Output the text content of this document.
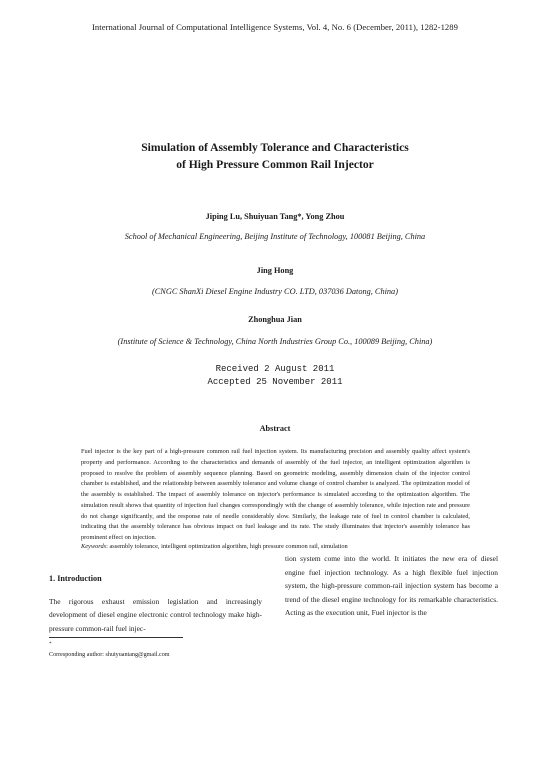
International Journal of Computational Intelligence Systems, Vol. 4, No. 6 (December, 2011), 1282-1289
Simulation of Assembly Tolerance and Characteristics
of High Pressure Common Rail Injector
Jiping Lu, Shuiyuan Tang*, Yong Zhou
School of Mechanical Engineering, Beijing Institute of Technology, 100081 Beijing, China
Jing Hong
(CNGC ShanXi Diesel Engine Industry CO. LTD, 037036 Datong, China)
Zhonghua Jian
(Institute of Science & Technology, China North Industries Group Co., 100089 Beijing, China)
Received 2 August 2011
Accepted 25 November 2011
Abstract
Fuel injector is the key part of a high-pressure common rail fuel injection system. Its manufacturing precision and assembly quality affect system's property and performance. According to the characteristics and demands of assembly of the fuel injector, an intelligent optimization algorithm is proposed to resolve the problem of assembly sequence planning. Based on geometric modeling, assembly dimension chain of the injector control chamber is established, and the relationship between assembly tolerance and volume change of control chamber is analyzed. The optimization model of the assembly is established. The impact of assembly tolerance on injector's performance is simulated according to the optimization algorithm. The simulation result shows that quantity of injection fuel changes correspondingly with the change of assembly tolerance, while injection rate and pressure do not change significantly, and the response rate of needle considerably slow. Similarly, the leakage rate of fuel in control chamber is calculated, indicating that the assembly tolerance has obvious impact on fuel leakage and its rate. The study illuminates that injector's assembly tolerance has prominent effect on injection.
Keywords: assembly tolerance, intelligent optimization algorithm, high pressure common rail, simulation
1. Introduction

The rigorous exhaust emission legislation and increasingly development of diesel engine electronic control technology make high-pressure common-rail fuel injec-

tion system come into the world. It initiates the new era of diesel engine fuel injection technology. As a high flexible fuel injection system, the high-pressure common-rail injection system has become a trend of the diesel engine technology for its remarkable characteristics. Acting as the execution unit, Fuel injector is the

*
Corresponding author: shuiyuantang@gmail.com
